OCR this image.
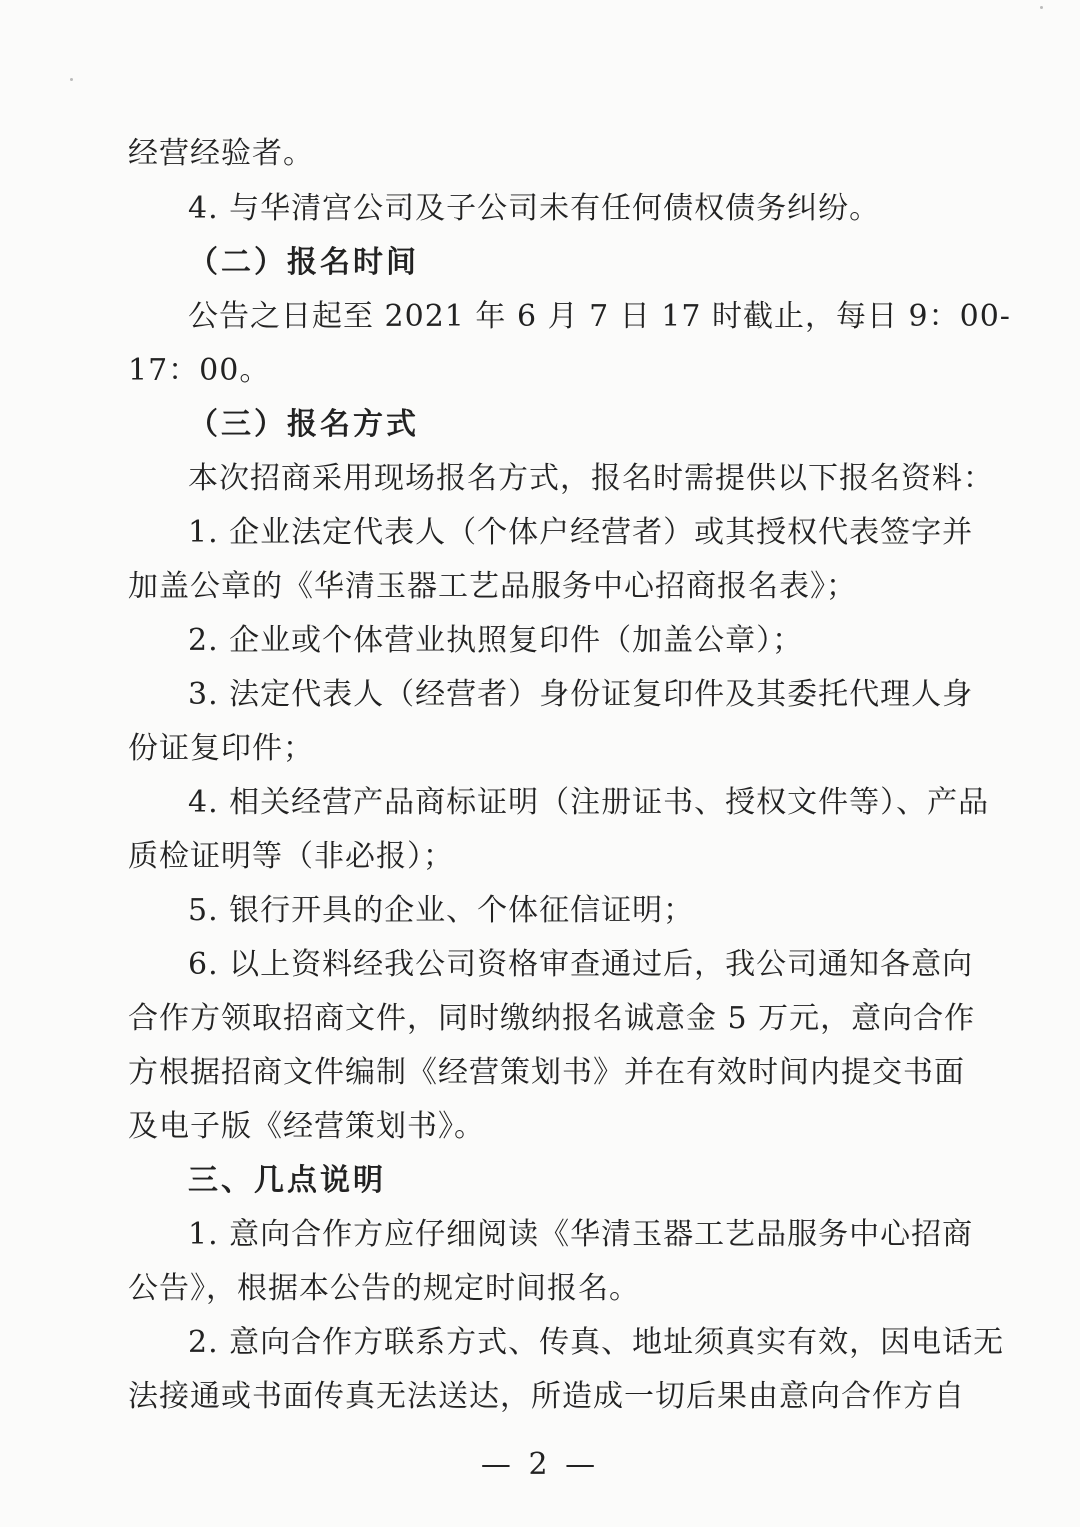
经营经验者。
4. 与华清宫公司及子公司未有任何债权债务纠纷。
（二）报名时间
公告之日起至 2021 年 6 月 7 日 17 时截止，每日 9：00-
17：00。
（三）报名方式
本次招商采用现场报名方式，报名时需提供以下报名资料：
1. 企业法定代表人（个体户经营者）或其授权代表签字并
加盖公章的《华清玉器工艺品服务中心招商报名表》；
2. 企业或个体营业执照复印件（加盖公章）；
3. 法定代表人（经营者）身份证复印件及其委托代理人身
份证复印件；
4. 相关经营产品商标证明（注册证书、授权文件等）、产品
质检证明等（非必报）；
5. 银行开具的企业、个体征信证明；
6. 以上资料经我公司资格审查通过后，我公司通知各意向
合作方领取招商文件，同时缴纳报名诚意金 5 万元，意向合作
方根据招商文件编制《经营策划书》并在有效时间内提交书面
及电子版《经营策划书》。
三、几点说明
1. 意向合作方应仔细阅读《华清玉器工艺品服务中心招商
公告》，根据本公告的规定时间报名。
2. 意向合作方联系方式、传真、地址须真实有效，因电话无
法接通或书面传真无法送达，所造成一切后果由意向合作方自
— 2 —
